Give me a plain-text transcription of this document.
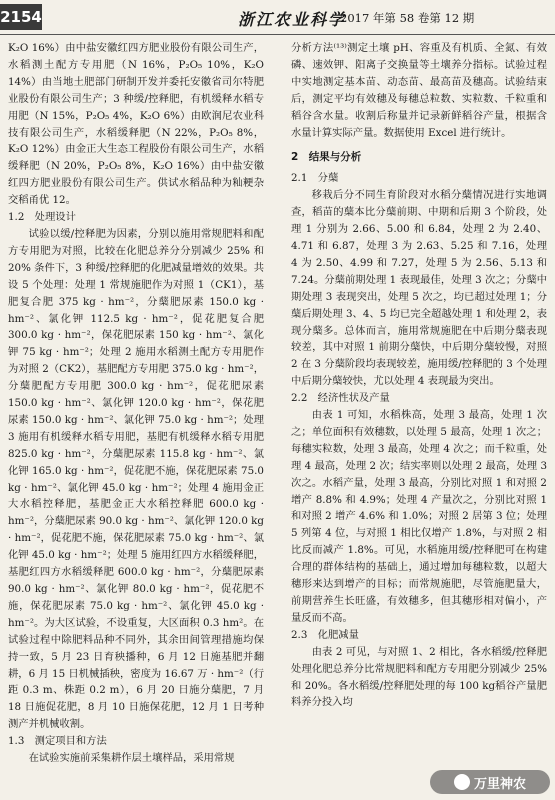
2154	浙江农业科学
2017 年第 58 卷第 12 期

K₂O 16%）由中盐安徽红四方肥业股份有限公司生产，水稻测土配方专用肥（N 16%，P₂O₅ 10%，K₂O 14%）由当地土肥部门研制开发并委托安徽省司尔特肥业股份有限公司生产；3 种缓/控释肥，有机缓释水稻专用肥（N 15%，P₂O₅ 4%，K₂O 6%）由欧润尼农业科技有限公司生产，水稻缓释肥（N 22%，P₂O₅ 8%，K₂O 12%）由金正大生态工程股份有限公司生产，水稻缓释肥（N 20%，P₂O₅ 8%，K₂O 16%）由中盐安徽红四方肥业股份有限公司生产。供试水稻品种为籼粳杂交稻甬优 12。

1.2　处理设计

试验以缓/控释肥为因素，分别以施用常规肥料和配方专用肥为对照，比较在化肥总养分分别减少 25% 和 20% 条件下，3 种缓/控释肥的化肥减量增效的效果。共设 5 个处理：处理 1 常规施肥作为对照 1（CK1），基肥复合肥 375 kg · hm⁻²，分蘖肥尿素 150.0 kg · hm⁻²、氯化钾 112.5 kg · hm⁻²，促花肥复合肥 300.0 kg · hm⁻²，保花肥尿素 150 kg · hm⁻²、氯化钾 75 kg · hm⁻²；处理 2 施用水稻测土配方专用肥作为对照 2（CK2），基肥配方专用肥 375.0 kg · hm⁻²，分蘖肥配方专用肥 300.0 kg · hm⁻²，促花肥尿素 150.0 kg · hm⁻²、氯化钾 120.0 kg · hm⁻²，保花肥尿素 150.0 kg · hm⁻²、氯化钾 75.0 kg · hm⁻²；处理 3 施用有机缓释水稻专用肥，基肥有机缓释水稻专用肥 825.0 kg · hm⁻²，分蘖肥尿素 115.8 kg · hm⁻²、氯化钾 165.0 kg · hm⁻²，促花肥不施，保花肥尿素 75.0 kg · hm⁻²、氯化钾 45.0 kg · hm⁻²；处理 4 施用金正大水稻控释肥，基肥金正大水稻控释肥 600.0 kg · hm⁻²，分蘖肥尿素 90.0 kg · hm⁻²、氯化钾 120.0 kg · hm⁻²，促花肥不施，保花肥尿素 75.0 kg · hm⁻²、氯化钾 45.0 kg · hm⁻²；处理 5 施用红四方水稻缓释肥，基肥红四方水稻缓释肥 600.0 kg · hm⁻²，分蘖肥尿素 90.0 kg · hm⁻²、氯化钾 80.0 kg · hm⁻²，促花肥不施，保花肥尿素 75.0 kg · hm⁻²、氯化钾 45.0 kg · hm⁻²。为大区试验，不设重复，大区面积 0.3 hm²。在试验过程中除肥料品种不同外，其余田间管理措施均保持一致，5 月 23 日育秧播种，6 月 12 日施基肥并翻耕，6 月 15 日机械插秧，密度为 16.67 万 · hm⁻²（行距 0.3 m、株距 0.2 m），6 月 20 日施分蘖肥，7 月 18 日施促花肥，8 月 10 日施保花肥，12 月 1 日考种测产并机械收割。

1.3　测定项目和方法

在试验实施前采集耕作层土壤样品，采用常规

分析方法⁽¹³⁾测定土壤 pH、容重及有机质、全氮、有效磷、速效钾、阳离子交换量等土壤养分指标。试验过程中实地测定基本苗、动态苗、最高苗及穗高。试验结束后，测定平均有效穗及每穗总粒数、实粒数、千粒重和稻谷含水量。收割后称量并记录新鲜稻谷产量，根据含水量计算实际产量。数据使用 Excel 进行统计。

2　结果与分析

2.1　分蘖

移栽后分不同生育阶段对水稻分蘖情况进行实地调查，稻苗的蘖本比分蘖前期、中期和后期 3 个阶段，处理 1 分别为 2.66、5.00 和 6.84，处理 2 为 2.40、4.71 和 6.87，处理 3 为 2.63、5.25 和 7.16，处理 4 为 2.50、4.99 和 7.27，处理 5 为 2.56、5.13 和 7.24。分蘖前期处理 1 表现最佳，处理 3 次之；分蘖中期处理 3 表现突出，处理 5 次之，均已超过处理 1；分蘖后期处理 3、4、5 均已完全超越处理 1 和处理 2，表现分蘖多。总体而言，施用常规施肥在中后期分蘖表现较差，其中对照 1 前期分蘖快，中后期分蘖较慢，对照 2 在 3 分蘖阶段均表现较差，施用缓/控释肥的 3 个处理中后期分蘖较快，尤以处理 4 表现最为突出。

2.2　经济性状及产量

由表 1 可知，水稻株高，处理 3 最高，处理 1 次之；单位面积有效穗数，以处理 5 最高，处理 1 次之；每穗实粒数，处理 3 最高，处理 4 次之；而千粒重，处理 4 最高，处理 2 次；结实率则以处理 2 最高，处理 3 次之。水稻产量，处理 3 最高，分别比对照 1 和对照 2 增产 8.8% 和 4.9%；处理 4 产量次之，分别比对照 1 和对照 2 增产 4.6% 和 1.0%；对照 2 居第 3 位；处理 5 列第 4 位，与对照 1 相比仅增产 1.8%，与对照 2 相比反而减产 1.8%。可见，水稻施用缓/控释肥可在构建合理的群体结构的基础上，通过增加每穗粒数，以超大穗形来达到增产的目标；而常规施肥，尽管施肥量大，前期营养生长旺盛，有效穗多，但其穗形相对偏小，产量反而不高。

2.3　化肥减量

由表 2 可见，与对照 1、2 相比，各水稻缓/控释肥处理化肥总养分比常规肥料和配方专用肥分别减少 25% 和 20%。各水稻缓/控释肥处理的每 100 kg稻谷产量肥料养分投入均

万里神农
